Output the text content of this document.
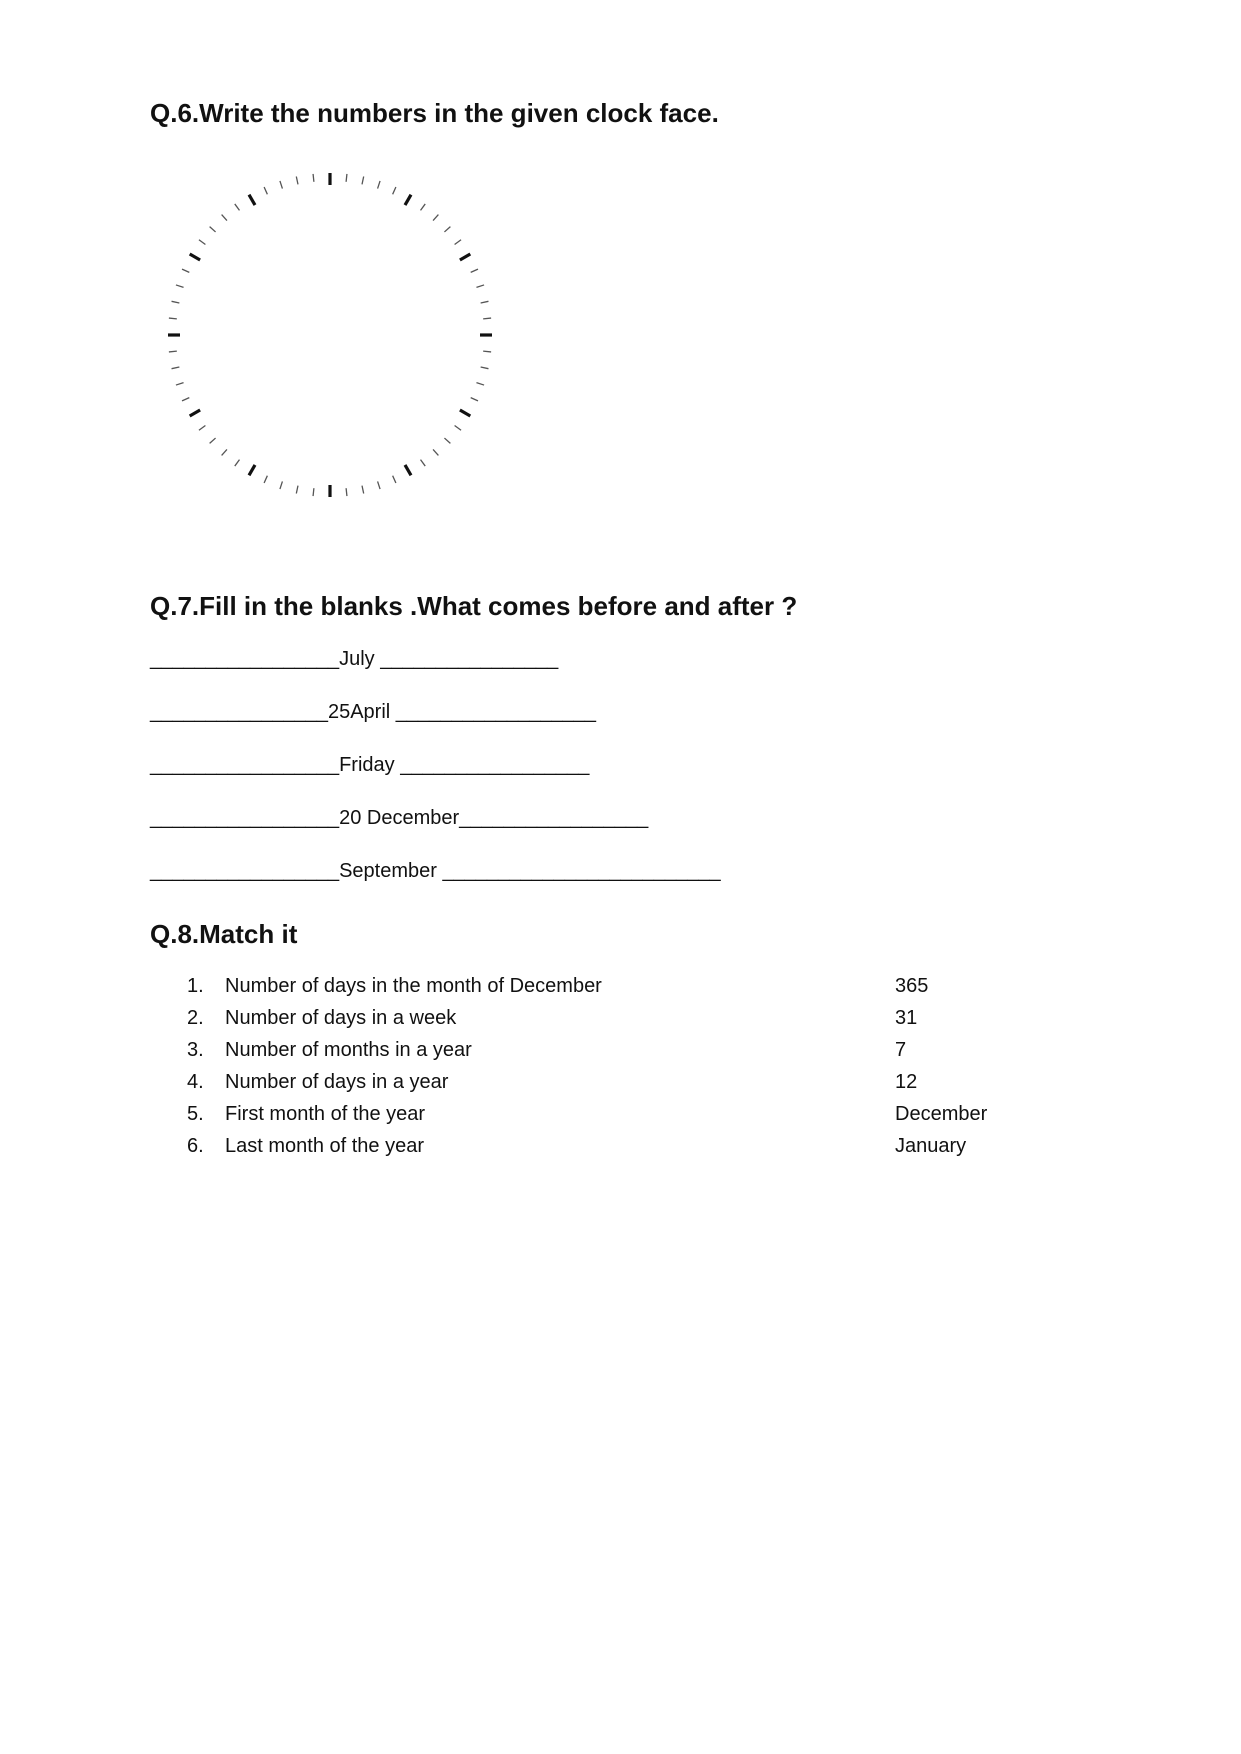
Q.6.Write the numbers in the given clock face.
Q.7.Fill in the blanks .What comes before and after ?
_________________July ________________
________________25April __________________
_________________Friday _________________
_________________20 December_________________
_________________September _________________________
Q.8.Match it
1. Number of days in the month of December	365
2. Number of days in a week	31
3. Number of months in a year	7
4. Number of days in a year	12
5. First month of the year	December
6. Last month of the year	January
